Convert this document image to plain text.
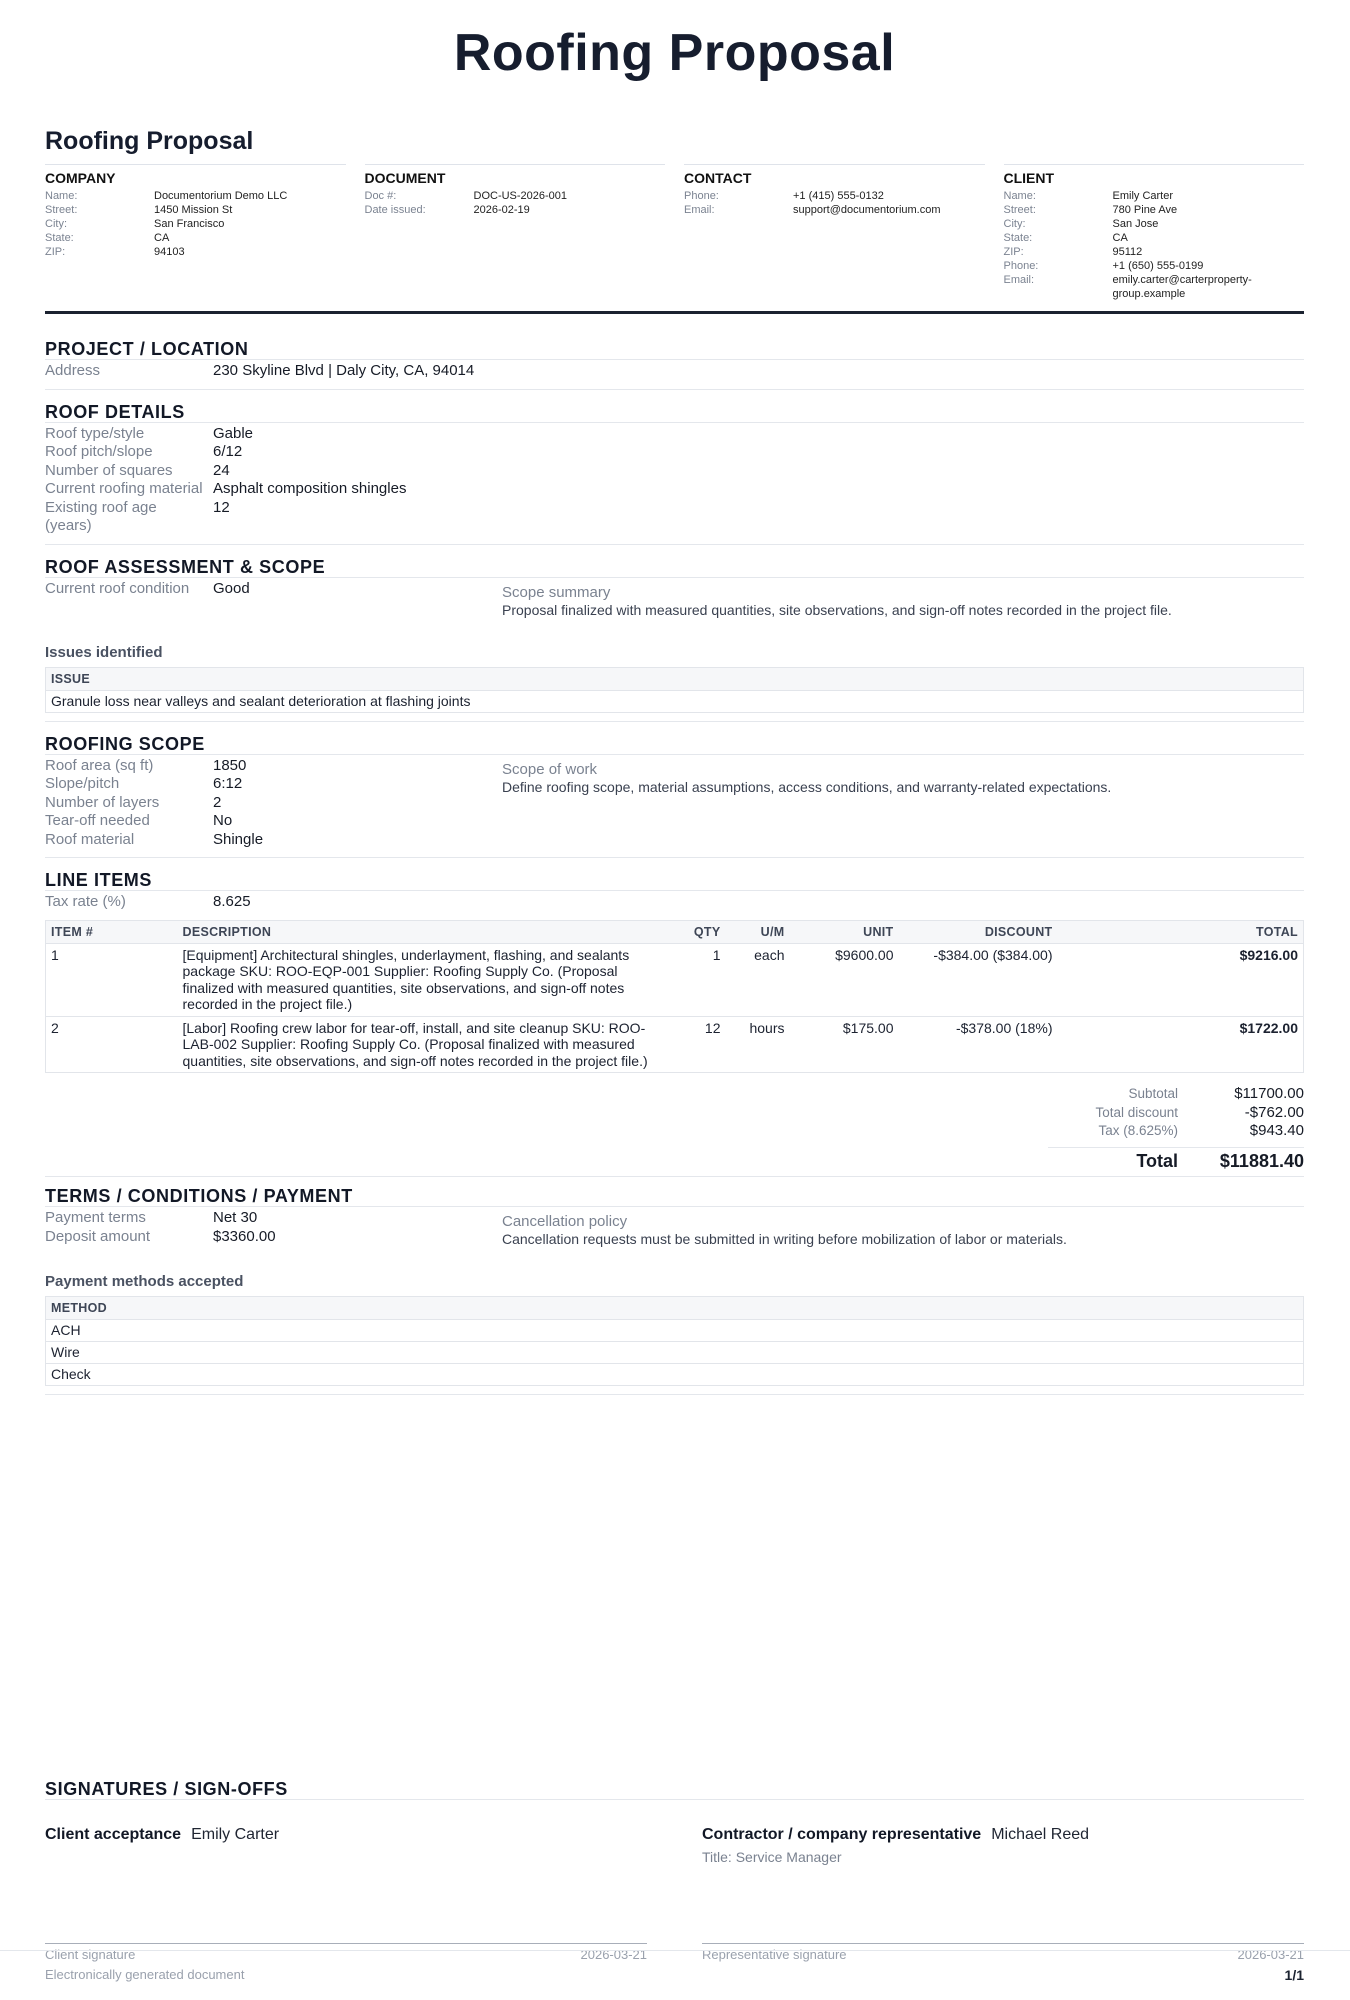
Roofing Proposal
Roofing Proposal
COMPANY
Name:	Documentorium Demo LLC
Street:	1450 Mission St
City:	San Francisco
State:	CA
ZIP:	94103
DOCUMENT
Doc #:	DOC-US-2026-001
Date issued:	2026-02-19
CONTACT
Phone:	+1 (415) 555-0132
Email:	support@documentorium.com
CLIENT
Name:	Emily Carter
Street:	780 Pine Ave
City:	San Jose
State:	CA
ZIP:	95112
Phone:	+1 (650) 555-0199
Email:	emily.carter@carterproperty-group.example
PROJECT / LOCATION
Address	230 Skyline Blvd | Daly City, CA, 94014
ROOF DETAILS
Roof type/style	Gable
Roof pitch/slope	6/12
Number of squares	24
Current roofing material Asphalt composition shingles
Existing roof age (years)
12
ROOF ASSESSMENT & SCOPE
Current roof condition	Good	Scope summary
Proposal finalized with measured quantities, site observations, and sign-off notes recorded in the project file.
Issues identified
ISSUE
Granule loss near valleys and sealant deterioration at flashing joints
ROOFING SCOPE
Roof area (sq ft)	1850
Slope/pitch	6:12
Number of layers	2
Tear-off needed	No
Roof material	Shingle
Scope of work
Define roofing scope, material assumptions, access conditions, and warranty-related expectations.
LINE ITEMS
Tax rate (%)	8.625
ITEM #	DESCRIPTION	QTY	U/M	UNIT	DISCOUNT	TOTAL
1	[Equipment] Architectural shingles, underlayment, flashing, and sealants package SKU: ROO-EQP-001 Supplier: Roofing Supply Co. (Proposal finalized with measured quantities, site observations, and sign-off notes recorded in the project file.)	1	each	$9600.00	-$384.00 ($384.00)	$9216.00
2	[Labor] Roofing crew labor for tear-off, install, and site cleanup SKU: ROO-LAB-002 Supplier: Roofing Supply Co. (Proposal finalized with measured quantities, site observations, and sign-off notes recorded in the project file.)	12	hours	$175.00	-$378.00 (18%)	$1722.00
Subtotal	$11700.00
Total discount	-$762.00
Tax (8.625%)	$943.40
Total $11881.40
TERMS / CONDITIONS / PAYMENT
Payment terms	Net 30
Deposit amount	$3360.00
Cancellation policy
Cancellation requests must be submitted in writing before mobilization of labor or materials.
Payment methods accepted
METHOD
ACH
Wire
Check
SIGNATURES / SIGN-OFFS
Client acceptance Emily Carter
Client signature	2026-03-21
Contractor / company representative Michael Reed
Title: Service Manager
Representative signature	2026-03-21
Electronically generated document	1/1
